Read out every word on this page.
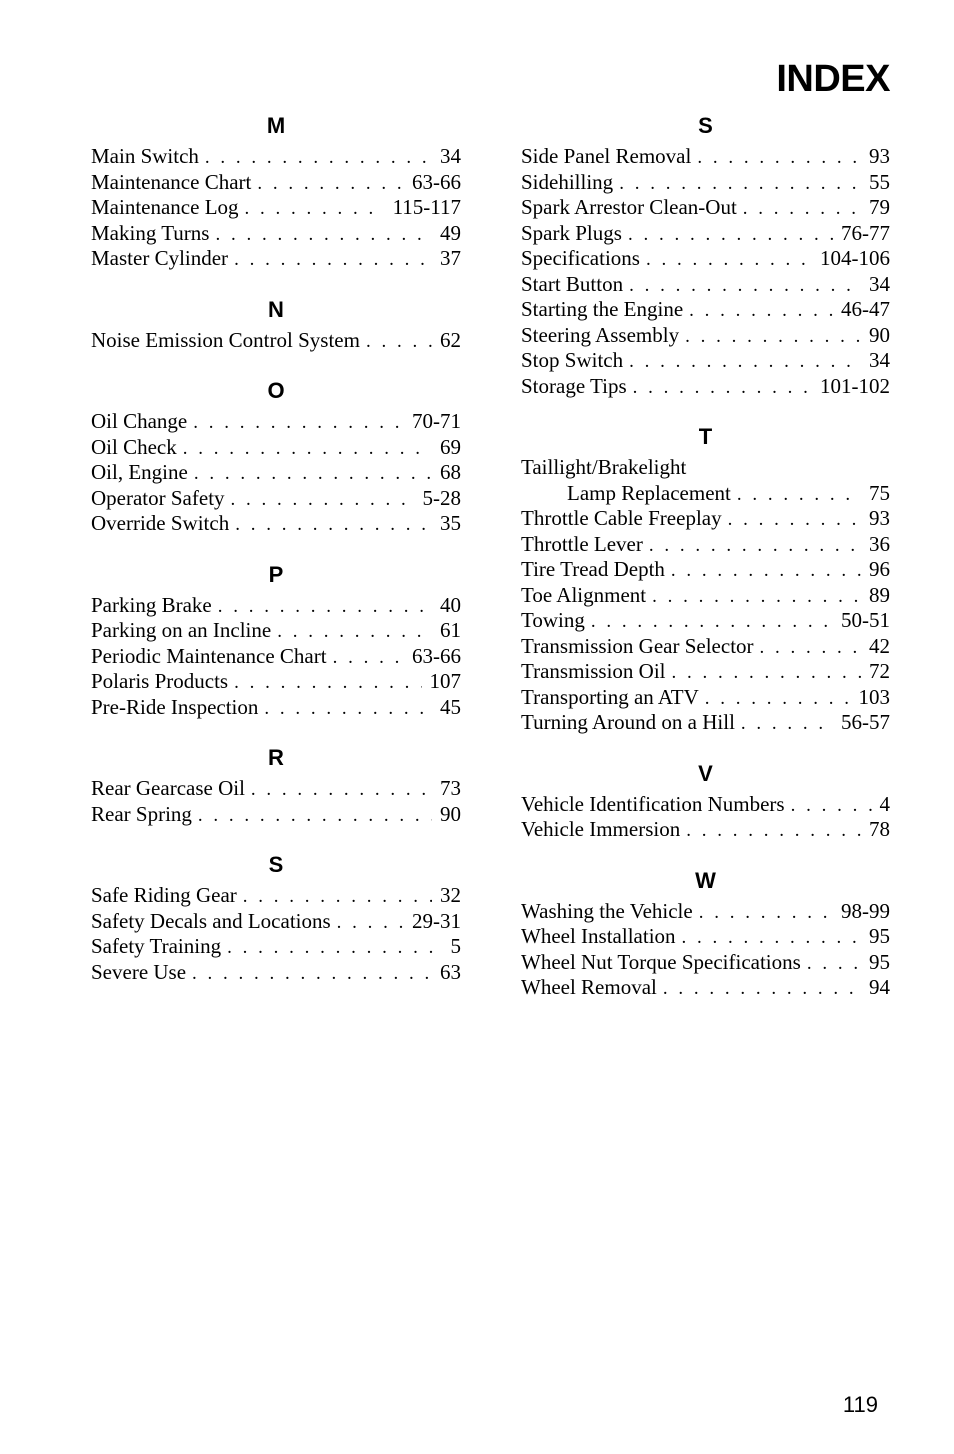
INDEX
M
Main Switch . . .	34
Maintenance Chart . . .	63-66
Maintenance Log . . .	115-117
Making Turns . . .	49
Master Cylinder . . .	37
N
Noise Emission Control System . . .	62
O
Oil Change . . .	70-71
Oil Check . . .	69
Oil, Engine . . .	68
Operator Safety . . .	5-28
Override Switch . . .	35
P
Parking Brake . . .	40
Parking on an Incline . . .	61
Periodic Maintenance Chart . . .	63-66
Polaris Products . . .	107
Pre-Ride Inspection . . .	45
R
Rear Gearcase Oil . . .	73
Rear Spring . . .	90
S
Safe Riding Gear . . .	32
Safety Decals and Locations . . .	29-31
Safety Training . . .	5
Severe Use . . .	63
S
Side Panel Removal . . .	93
Sidehilling . . .	55
Spark Arrestor Clean-Out . . .	79
Spark Plugs . . .	76-77
Specifications . . .	104-106
Start Button . . .	34
Starting the Engine . . .	46-47
Steering Assembly . . .	90
Stop Switch . . .	34
Storage Tips . . .	101-102
T
Taillight/Brakelight
Lamp Replacement . . .	75
Throttle Cable Freeplay . . .	93
Throttle Lever . . .	36
Tire Tread Depth . . .	96
Toe Alignment . . .	89
Towing . . .	50-51
Transmission Gear Selector . . .	42
Transmission Oil . . .	72
Transporting an ATV . . .	103
Turning Around on a Hill . . .	56-57
V
Vehicle Identification Numbers . . .	4
Vehicle Immersion . . .	78
W
Washing the Vehicle . . .	98-99
Wheel Installation . . .	95
Wheel Nut Torque Specifications . . .	95
Wheel Removal . . .	94
119
